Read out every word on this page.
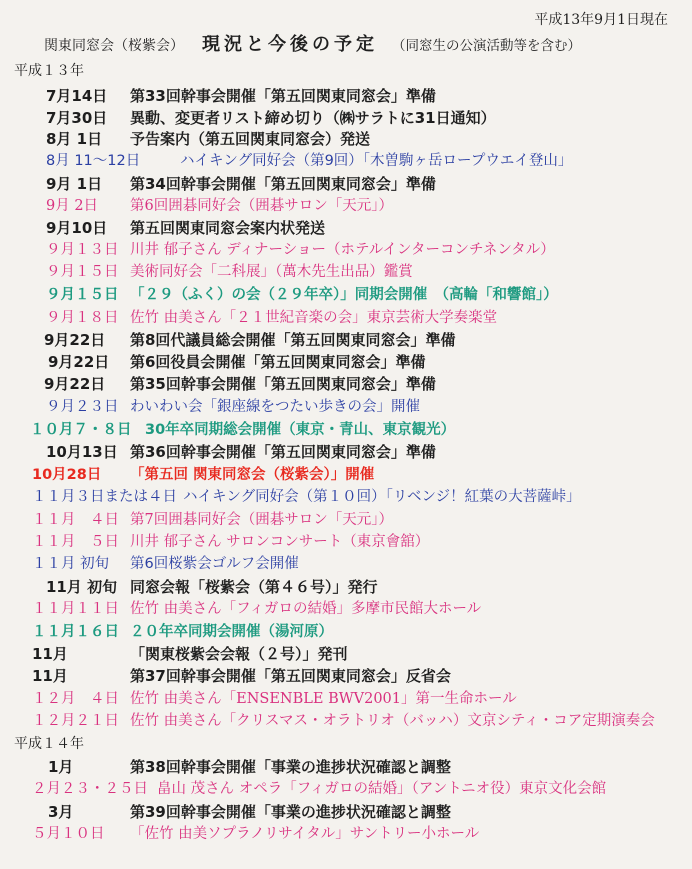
平成13年9月1日現在
関東同窓会（桜紫会） 現況と今後の予定 （同窓生の公演活動等を含む）
平成１３年
7月14日 第33回幹事会開催「第五回関東同窓会」準備
7月30日 異動、変更者リスト締め切り（㈱サラトに31日通知）
8月 1日 予告案内（第五回関東同窓会）発送
8月 11～12日	ハイキング同好会（第9回）「木曽駒ヶ岳ロープウエイ登山」
9月 1日 第34回幹事会開催「第五回関東同窓会」準備
9月 2日 第6回囲碁同好会（囲碁サロン「天元」）
9月10日 第五回関東同窓会案内状発送
９月１３日 川井 郁子さん ディナーショー（ホテルインターコンチネンタル）
９月１５日 美術同好会「二科展」（萬木先生出品）鑑賞
９月１５日 「２９（ふく）の会（２９年卒）」同期会開催　（高輪「和響館」）
９月１８日 佐竹 由美さん「２１世紀音楽の会」東京芸術大学奏楽堂
9月22日 第8回代議員総会開催「第五回関東同窓会」準備
9月22日 第6回役員会開催「第五回関東同窓会」準備
9月22日 第35回幹事会開催「第五回関東同窓会」準備
９月２３日 わいわい会「銀座線をつたい歩きの会」開催
１０月７・８日 30年卒同期総会開催（東京・青山、東京観光）
10月13日 第36回幹事会開催「第五回関東同窓会」準備
10月28日 「第五回 関東同窓会（桜紫会）」開催
１１月３日または４日 ハイキング同好会（第１０回）「リベンジ！紅葉の大菩薩峠」
１１月　４日 第7回囲碁同好会（囲碁サロン「天元」）
１１月　５日 川井 郁子さん サロンコンサート（東京會舘）
１１月 初旬 第6回桜紫会ゴルフ会開催
11月 初旬 同窓会報「桜紫会（第４６号）」発行
１１月１１日 佐竹 由美さん「フィガロの結婚」多摩市民館大ホール
１１月１６日 ２０年卒同期会開催（湯河原）
11月	「関東桜紫会会報（２号）」発刊
11月	第37回幹事会開催「第五回関東同窓会」反省会
１２月　４日 佐竹 由美さん「ENSENBLE BWV2001」第一生命ホール
１２月２１日 佐竹 由美さん「クリスマス・オラトリオ（バッハ）文京シティ・コア定期演奏会
平成１４年
1月	第38回幹事会開催「事業の進捗状況確認と調整
２月２３・２５日 畠山 茂さん オペラ「フィガロの結婚」（アントニオ役）東京文化会館
3月	第39回幹事会開催「事業の進捗状況確認と調整
５月１０日 「佐竹 由美ソプラノリサイタル」サントリー小ホール
